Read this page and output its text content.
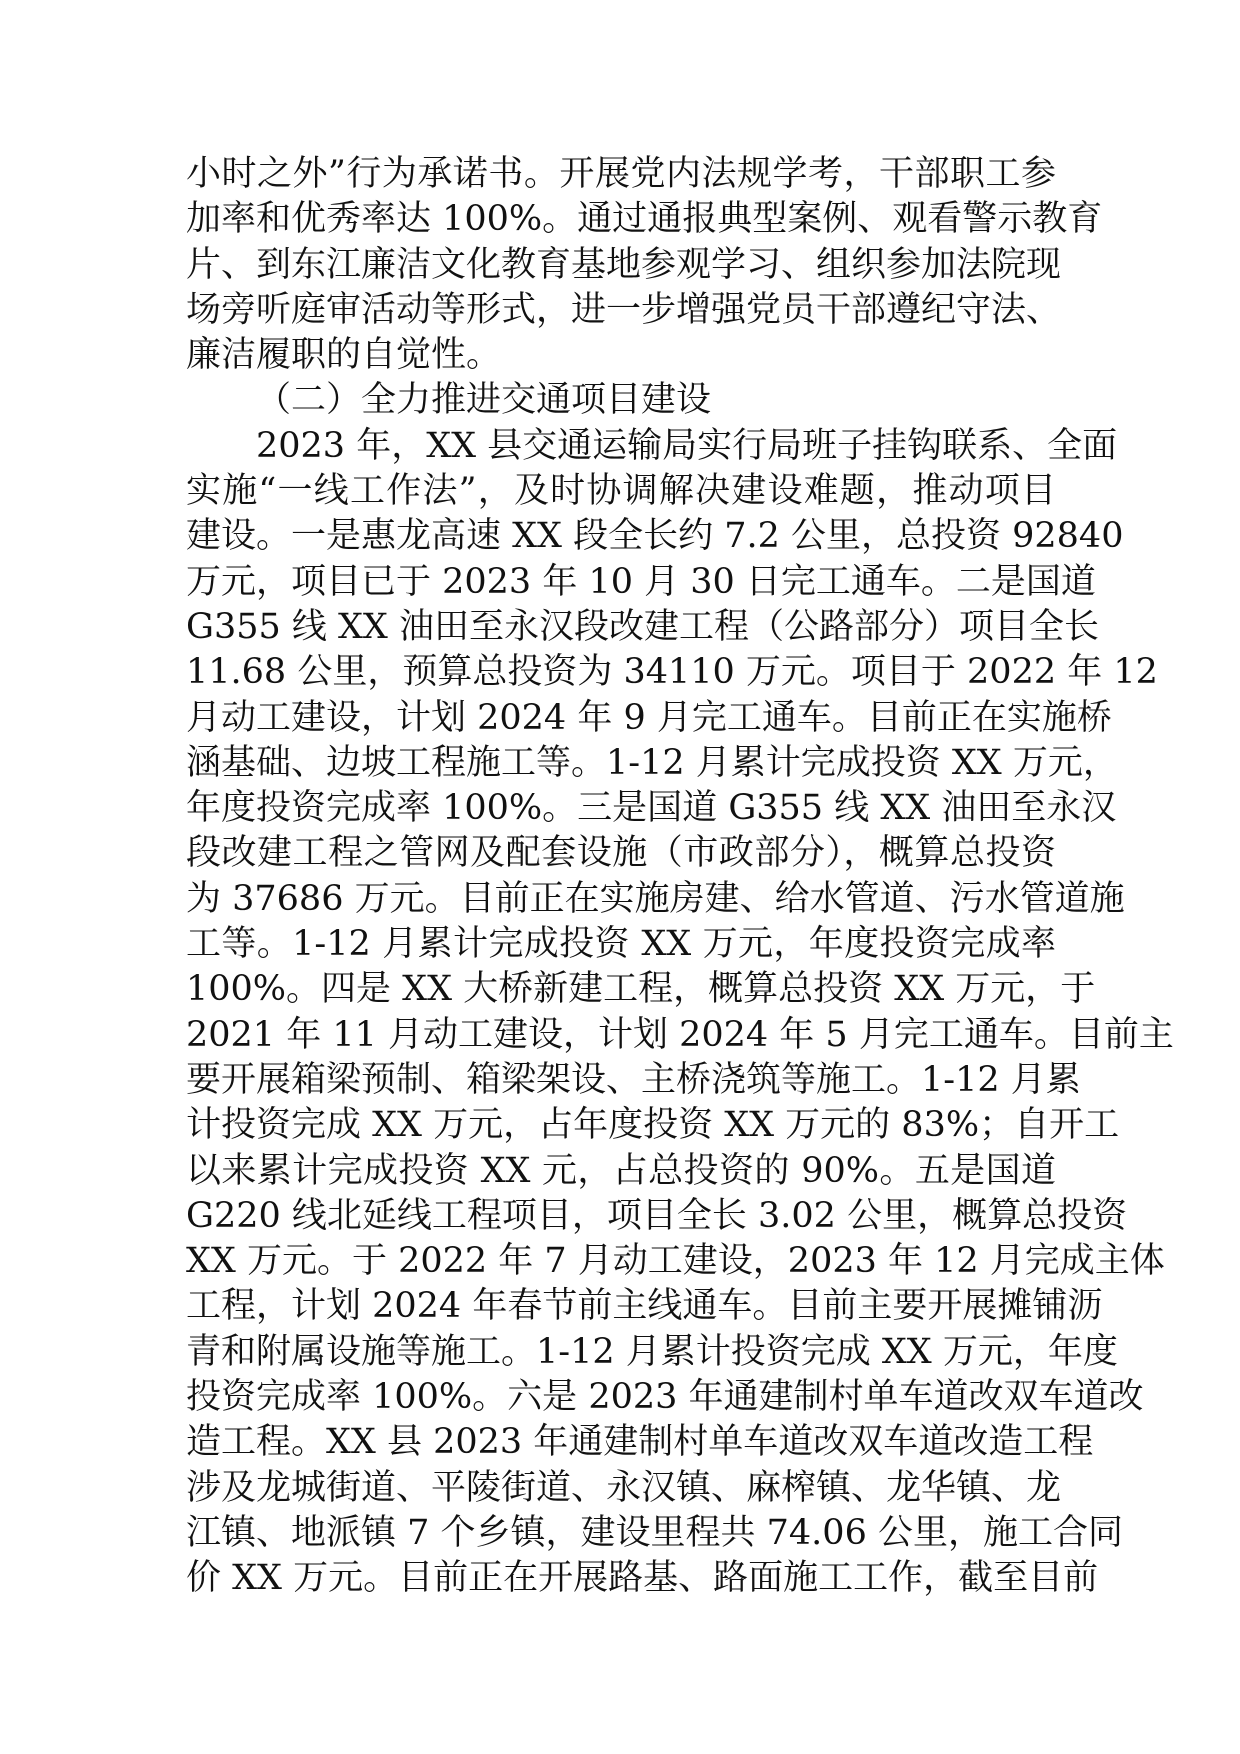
小时之外”行为承诺书。开展党内法规学考，干部职工参
加率和优秀率达 100%。通过通报典型案例、观看警示教育
片、到东江廉洁文化教育基地参观学习、组织参加法院现
场旁听庭审活动等形式，进一步增强党员干部遵纪守法、
廉洁履职的自觉性。
（二）全力推进交通项目建设
2023 年，XX 县交通运输局实行局班子挂钩联系、全面
实施“一线工作法”，及时协调解决建设难题，推动项目
建设。一是惠龙高速 XX 段全长约 7.2 公里，总投资 92840
万元，项目已于 2023 年 10 月 30 日完工通车。二是国道
G355 线 XX 油田至永汉段改建工程（公路部分）项目全长
11.68 公里，预算总投资为 34110 万元。项目于 2022 年 12
月动工建设，计划 2024 年 9 月完工通车。目前正在实施桥
涵基础、边坡工程施工等。1-12 月累计完成投资 XX 万元，
年度投资完成率 100%。三是国道 G355 线 XX 油田至永汉
段改建工程之管网及配套设施（市政部分），概算总投资
为 37686 万元。目前正在实施房建、给水管道、污水管道施
工等。1-12 月累计完成投资 XX 万元，年度投资完成率
100%。四是 XX 大桥新建工程，概算总投资 XX 万元，于
2021 年 11 月动工建设，计划 2024 年 5 月完工通车。目前主
要开展箱梁预制、箱梁架设、主桥浇筑等施工。1-12 月累
计投资完成 XX 万元，占年度投资 XX 万元的 83%；自开工
以来累计完成投资 XX 元，占总投资的 90%。五是国道
G220 线北延线工程项目，项目全长 3.02 公里，概算总投资
XX 万元。于 2022 年 7 月动工建设，2023 年 12 月完成主体
工程，计划 2024 年春节前主线通车。目前主要开展摊铺沥
青和附属设施等施工。1-12 月累计投资完成 XX 万元，年度
投资完成率 100%。六是 2023 年通建制村单车道改双车道改
造工程。XX 县 2023 年通建制村单车道改双车道改造工程
涉及龙城街道、平陵街道、永汉镇、麻榨镇、龙华镇、龙
江镇、地派镇 7 个乡镇，建设里程共 74.06 公里，施工合同
价 XX 万元。目前正在开展路基、路面施工工作，截至目前
